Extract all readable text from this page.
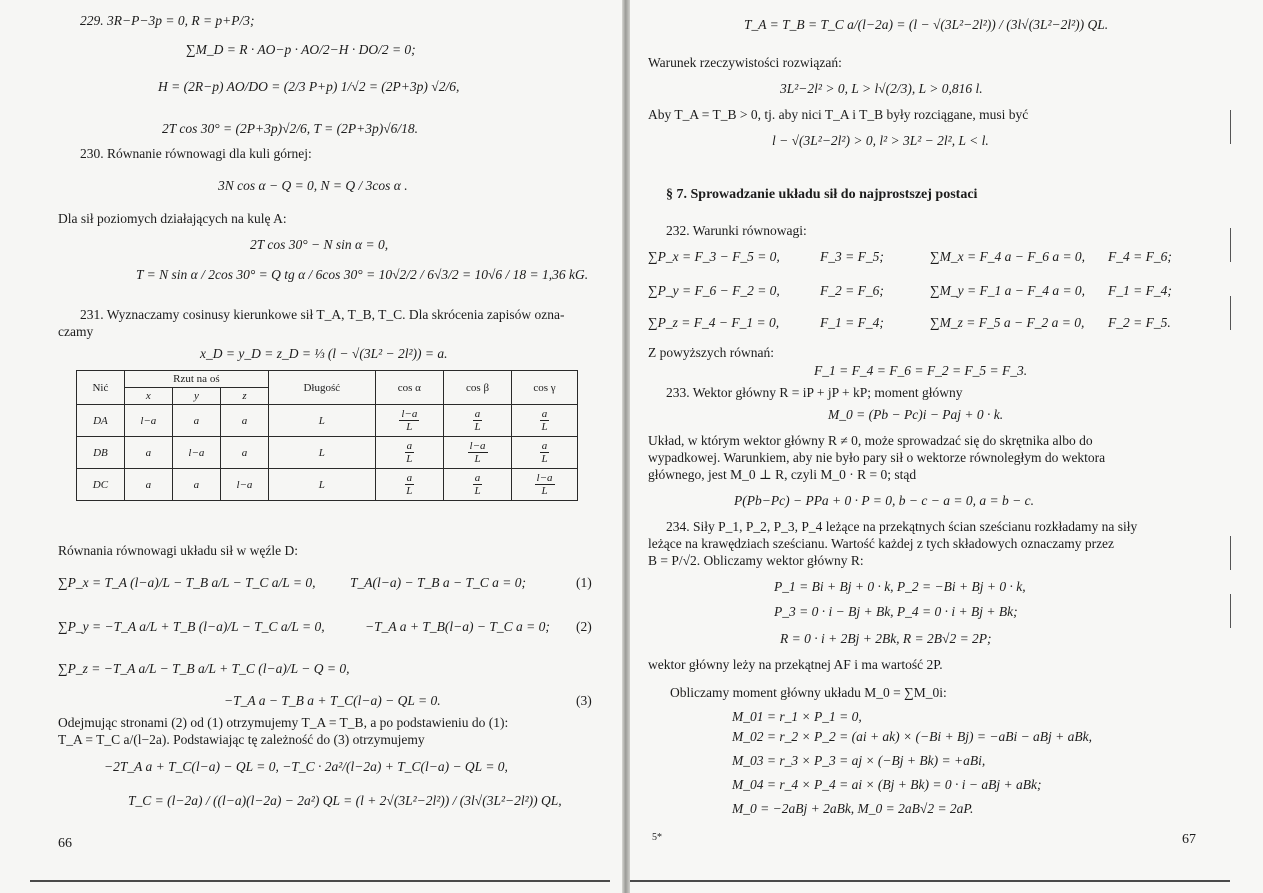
229. 3R−P−3p = 0, R = p+P/3;
∑M_D = R · AO−p · AO/2−H · DO/2 = 0;
H = (2R−p) AO/DO = (2/3 P+p) 1/√2 = (2P+3p) √2/6,
2T cos 30° = (2P+3p)√2/6, T = (2P+3p)√6/18.
230. Równanie równowagi dla kuli górnej:
3N cos α − Q = 0, N = Q / 3cos α .
Dla sił poziomych działających na kulę A:
2T cos 30° − N sin α = 0,
T = N sin α / 2cos 30° = Q tg α / 6cos 30° = 10√2/2 / 6√3/2 = 10√6 / 18 = 1,36 kG.
231. Wyznaczamy cosinusy kierunkowe sił T_A, T_B, T_C. Dla skrócenia zapisów ozna-
czamy
x_D = y_D = z_D = ⅓ (l − √(3L² − 2l²)) = a.
Nić	Rzut na oś			Długość	cos α	cos β	cos γ
	x	y	z				
DA	l−a	a	a	L	$\frac{l-a}{L}$	$\frac{a}{L}$	$\frac{a}{L}$

DB	a	l−a	a	L	$\frac{a}{L}$	$\frac{l-a}{L}$	$\frac{a}{L}$

DC	a	a	l−a	L	$\frac{a}{L}$	$\frac{a}{L}$	$\frac{l-a}{L}$
Równania równowagi układu sił w węźle D:
∑P_x = T_A (l−a)/L − T_B a/L − T_C a/L = 0,	T_A(l−a) − T_B a − T_C a = 0;	(1)
∑P_y = −T_A a/L + T_B (l−a)/L − T_C a/L = 0,	−T_A a + T_B(l−a) − T_C a = 0; (2)
∑P_z = −T_A a/L − T_B a/L + T_C (l−a)/L − Q = 0,
−T_A a − T_B a + T_C(l−a) − QL = 0.	(3)
Odejmując stronami (2) od (1) otrzymujemy T_A = T_B, a po podstawieniu do (1):
T_A = T_C a/(l−2a). Podstawiając tę zależność do (3) otrzymujemy
−2T_A a + T_C(l−a) − QL = 0, −T_C · 2a²/(l−2a) + T_C(l−a) − QL = 0,
T_C = (l−2a) / ((l−a)(l−2a) − 2a²) QL = (l + 2√(3L²−2l²)) / (3l√(3L²−2l²)) QL,
66
T_A = T_B = T_C a/(l−2a) = (l − √(3L²−2l²)) / (3l√(3L²−2l²)) QL.
Warunek rzeczywistości rozwiązań:
3L²−2l² > 0, L > l√(2/3), L > 0,816 l.
Aby T_A = T_B > 0, tj. aby nici T_A i T_B były rozciągane, musi być
l − √(3L²−2l²) > 0, l² > 3L² − 2l², L < l.
§ 7. Sprowadzanie układu sił do najprostszej postaci
232. Warunki równowagi:
∑P_x = F_3 − F_5 = 0,	F_3 = F_5;	∑M_x = F_4 a − F_6 a = 0, F_4 = F_6;
∑P_y = F_6 − F_2 = 0,	F_2 = F_6;	∑M_y = F_1 a − F_4 a = 0, F_1 = F_4;
∑P_z = F_4 − F_1 = 0,	F_1 = F_4;	∑M_z = F_5 a − F_2 a = 0, F_2 = F_5.
Z powyższych równań:
F_1 = F_4 = F_6 = F_2 = F_5 = F_3.
233. Wektor główny R = iP + jP + kP; moment główny
M_0 = (Pb − Pc)i − Paj + 0 · k.
Układ, w którym wektor główny R ≠ 0, może sprowadzać się do skrętnika albo do
wypadkowej. Warunkiem, aby nie było pary sił o wektorze równoległym do wektora
głównego, jest M_0 ⊥ R, czyli M_0 · R = 0; stąd
P(Pb−Pc) − PPa + 0 · P = 0, b − c − a = 0, a = b − c.
234. Siły P_1, P_2, P_3, P_4 leżące na przekątnych ścian sześcianu rozkładamy na siły
leżące na krawędziach sześcianu. Wartość każdej z tych składowych oznaczamy przez
B = P/√2. Obliczamy wektor główny R:
P_1 = Bi + Bj + 0 · k, P_2 = −Bi + Bj + 0 · k,
P_3 = 0 · i − Bj + Bk, P_4 = 0 · i + Bj + Bk;
R = 0 · i + 2Bj + 2Bk, R = 2B√2 = 2P;
wektor główny leży na przekątnej AF i ma wartość 2P.
Obliczamy moment główny układu M_0 = ∑M_0i:
M_01 = r_1 × P_1 = 0,
M_02 = r_2 × P_2 = (ai + ak) × (−Bi + Bj) = −aBi − aBj + aBk,
M_03 = r_3 × P_3 = aj × (−Bj + Bk) = +aBi,
M_04 = r_4 × P_4 = ai × (Bj + Bk) = 0 · i − aBj + aBk;
M_0 = −2aBj + 2aBk, M_0 = 2aB√2 = 2aP.
5*	67
